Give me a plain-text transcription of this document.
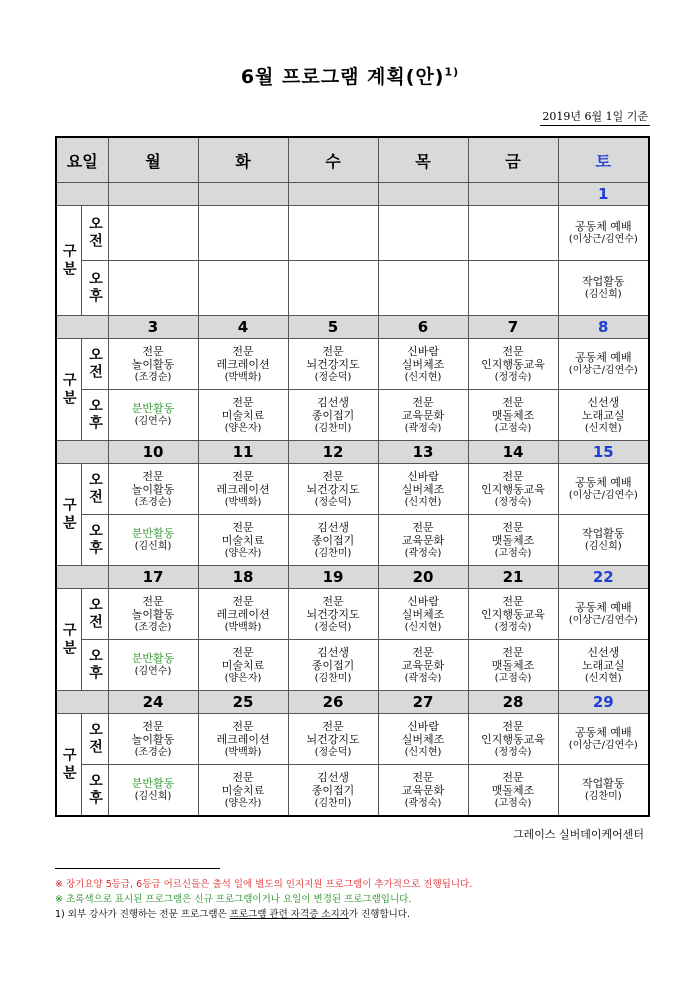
6월 프로그램 계획(안)$^{1)}$
2019년 6월 1일 기준
요일		월	화	수	목	금	토
							1
구분	오전						공동체 예배
(이상근/김연수)

	오후						작업활동
(김신희)

		3	4	5	6	7	8
구분	오전	전문
놀이활동
(조경순)	전문
레크레이션
(박백화)	전문
뇌건강지도
(정순덕)	신바람
실버체조
(신지현)	전문
인지행동교육
(정정숙)	공동체 예배
(이상근/김연수)

	오후	분반활동
(김연수)	전문
미술치료
(양은자)	김선생
종이접기
(김찬미)	전문
교육문화
(곽정숙)	전문
맷돌체조
(고점숙)	신선생
노래교실
(신지현)

		10	11	12	13	14	15
구분	오전	전문
놀이활동
(조경순)	전문
레크레이션
(박백화)	전문
뇌건강지도
(정순덕)	신바람
실버체조
(신지현)	전문
인지행동교육
(정정숙)	공동체 예배
(이상근/김연수)

	오후	분반활동
(김신희)	전문
미술치료
(양은자)	김선생
종이접기
(김찬미)	전문
교육문화
(곽정숙)	전문
맷돌체조
(고점숙)	작업활동
(김신희)

		17	18	19	20	21	22
구분	오전	전문
놀이활동
(조경순)	전문
레크레이션
(박백화)	전문
뇌건강지도
(정순덕)	신바람
실버체조
(신지현)	전문
인지행동교육
(정정숙)	공동체 예배
(이상근/김연수)

	오후	분반활동
(김연수)	전문
미술치료
(양은자)	김선생
종이접기
(김찬미)	전문
교육문화
(곽정숙)	전문
맷돌체조
(고점숙)	신선생
노래교실
(신지현)

		24	25	26	27	28	29
구분	오전	전문
놀이활동
(조경순)	전문
레크레이션
(박백화)	전문
뇌건강지도
(정순덕)	신바람
실버체조
(신지현)	전문
인지행동교육
(정정숙)	공동체 예배
(이상근/김연수)

	오후	분반활동
(김신희)	전문
미술치료
(양은자)	김선생
종이접기
(김찬미)	전문
교육문화
(곽정숙)	전문
맷돌체조
(고점숙)	작업활동
(김찬미)
그레이스 실버데이케어센터
※ 장기요양 5등급, 6등급 어르신들은 출석 일에 별도의 인지지원 프로그램이 추가적으로 진행됩니다.
※ 초록색으로 표시된 프로그램은 신규 프로그램이거나 요일이 변경된 프로그램입니다.
1) 외부 강사가 진행하는 전문 프로그램은 프로그램 관련 자격증 소지자가 진행합니다.
